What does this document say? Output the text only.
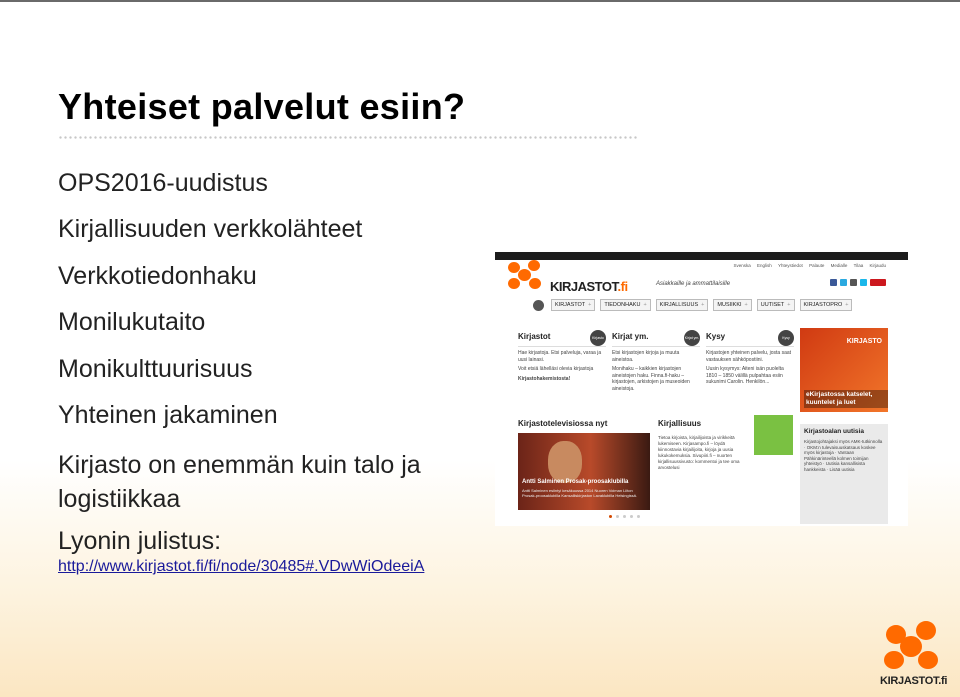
Yhteiset palvelut esiin?

OPS2016-uudistus

Kirjallisuuden verkkolähteet

Verkkotiedonhaku

Monilukutaito

Monikulttuurisuus

Yhteinen jakaminen

Kirjasto on enemmän kuin talo ja logistiikkaa

Lyonin julistus:

http://www.kirjastot.fi/fi/node/30485#.VDwWiOdeeiA
KIRJASTOT.fi	Asiakkaille ja ammattilaisille
Svenska English Yhteystiedot Palaute Medialle Tilaa Kirjaudu
KIRJASTOT +	TIEDONHAKU +	KIRJALLISUUS +	MUSIIKKI +	UUTISET +	KIRJASTOPRO +
Kirjasto
Kirjastot

Hae kirjastoja. Etsi palveluja, varaa ja uusi lainasi.

Voit etsiä lähelläsi olevia kirjastoja

Kirjastohakemistosta!

Kirjat ym.
Kirjat ym.

Etsi kirjastojen kirjoja ja muuta aineistoa.

Monihaku – kaikkien kirjastojen aineistojen haku. Finna.fi-haku – kirjastojen, arkistojen ja museoiden aineistoja.

Kysy
Kysy

Kirjastojen yhteinen palvelu, josta saat vastauksen sähköpostiini.

Uusin kysymys: Aiteni isän puolelta 1810 – 1850 välillä pulpahtaa esiin sukunimi Carolin. Henkilön...

KIRJASTO
eKirjastossa katselet, kuuntelet ja luet
Kirjastotelevisiossa nyt
Antti Salminen Prosak-proosaklubilla
Antti Salminen esiintyi kesäkuussa 2014 Nuoren Voiman Liiton Prosak-proosaklubilla Kansalliskirjaston Lavaklubilla Helsingissä.
Kirjallisuus
Tietoa kirjoista, kirjailijoista ja virikkeitä lukemiseen. Kirjasampo.fi – löydä kiinnostavia kirjailijoita, kirjoja ja uusia lukukokemuksia. Sivupiiri.fi – nuorten kirjallisuussivusto: kommentoi ja tee oma arvostelusi
Kirjastoalan uutisia

Kirjastojohtajaksi myös AMK-tutkinnolla · OKM:n tulevaisuuskatsaus koskee myös kirjastoja · Vantaan Pähkinärinteellä kolmen toimijan yhteistyö · Uutisia kansallisista hankkeista · Lisää uutisia

KIRJASTOT.fi
